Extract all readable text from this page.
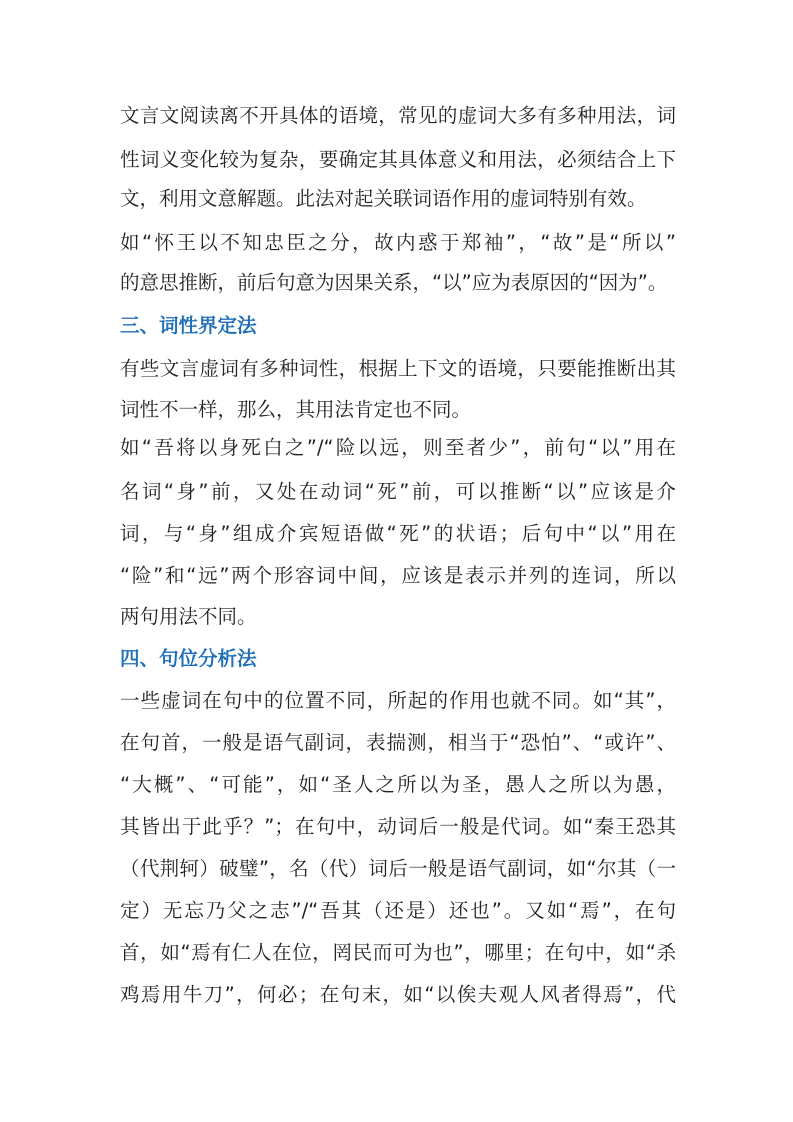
文言文阅读离不开具体的语境，常见的虚词大多有多种用法，词
性词义变化较为复杂，要确定其具体意义和用法，必须结合上下
文，利用文意解题。此法对起关联词语作用的虚词特别有效。
如“怀王以不知忠臣之分，故内惑于郑袖”，“故”是“所以”
的意思推断，前后句意为因果关系，“以”应为表原因的“因为”。
三、词性界定法
有些文言虚词有多种词性，根据上下文的语境，只要能推断出其
词性不一样，那么，其用法肯定也不同。
如“吾将以身死白之”/“险以远，则至者少”，前句“以”用在
名词“身”前，又处在动词“死”前，可以推断“以”应该是介
词，与“身”组成介宾短语做“死”的状语；后句中“以”用在
“险”和“远”两个形容词中间，应该是表示并列的连词，所以
两句用法不同。
四、句位分析法
一些虚词在句中的位置不同，所起的作用也就不同。如“其”，
在句首，一般是语气副词，表揣测，相当于“恐怕”、“或许”、
“大概”、“可能”，如“圣人之所以为圣，愚人之所以为愚，
其皆出于此乎？”；在句中，动词后一般是代词。如“秦王恐其
（代荆轲）破璧”，名（代）词后一般是语气副词，如“尔其（一
定）无忘乃父之志”/“吾其（还是）还也”。又如“焉”，在句
首，如“焉有仁人在位，罔民而可为也”，哪里；在句中，如“杀
鸡焉用牛刀”，何必；在句末，如“以俟夫观人风者得焉”，代
